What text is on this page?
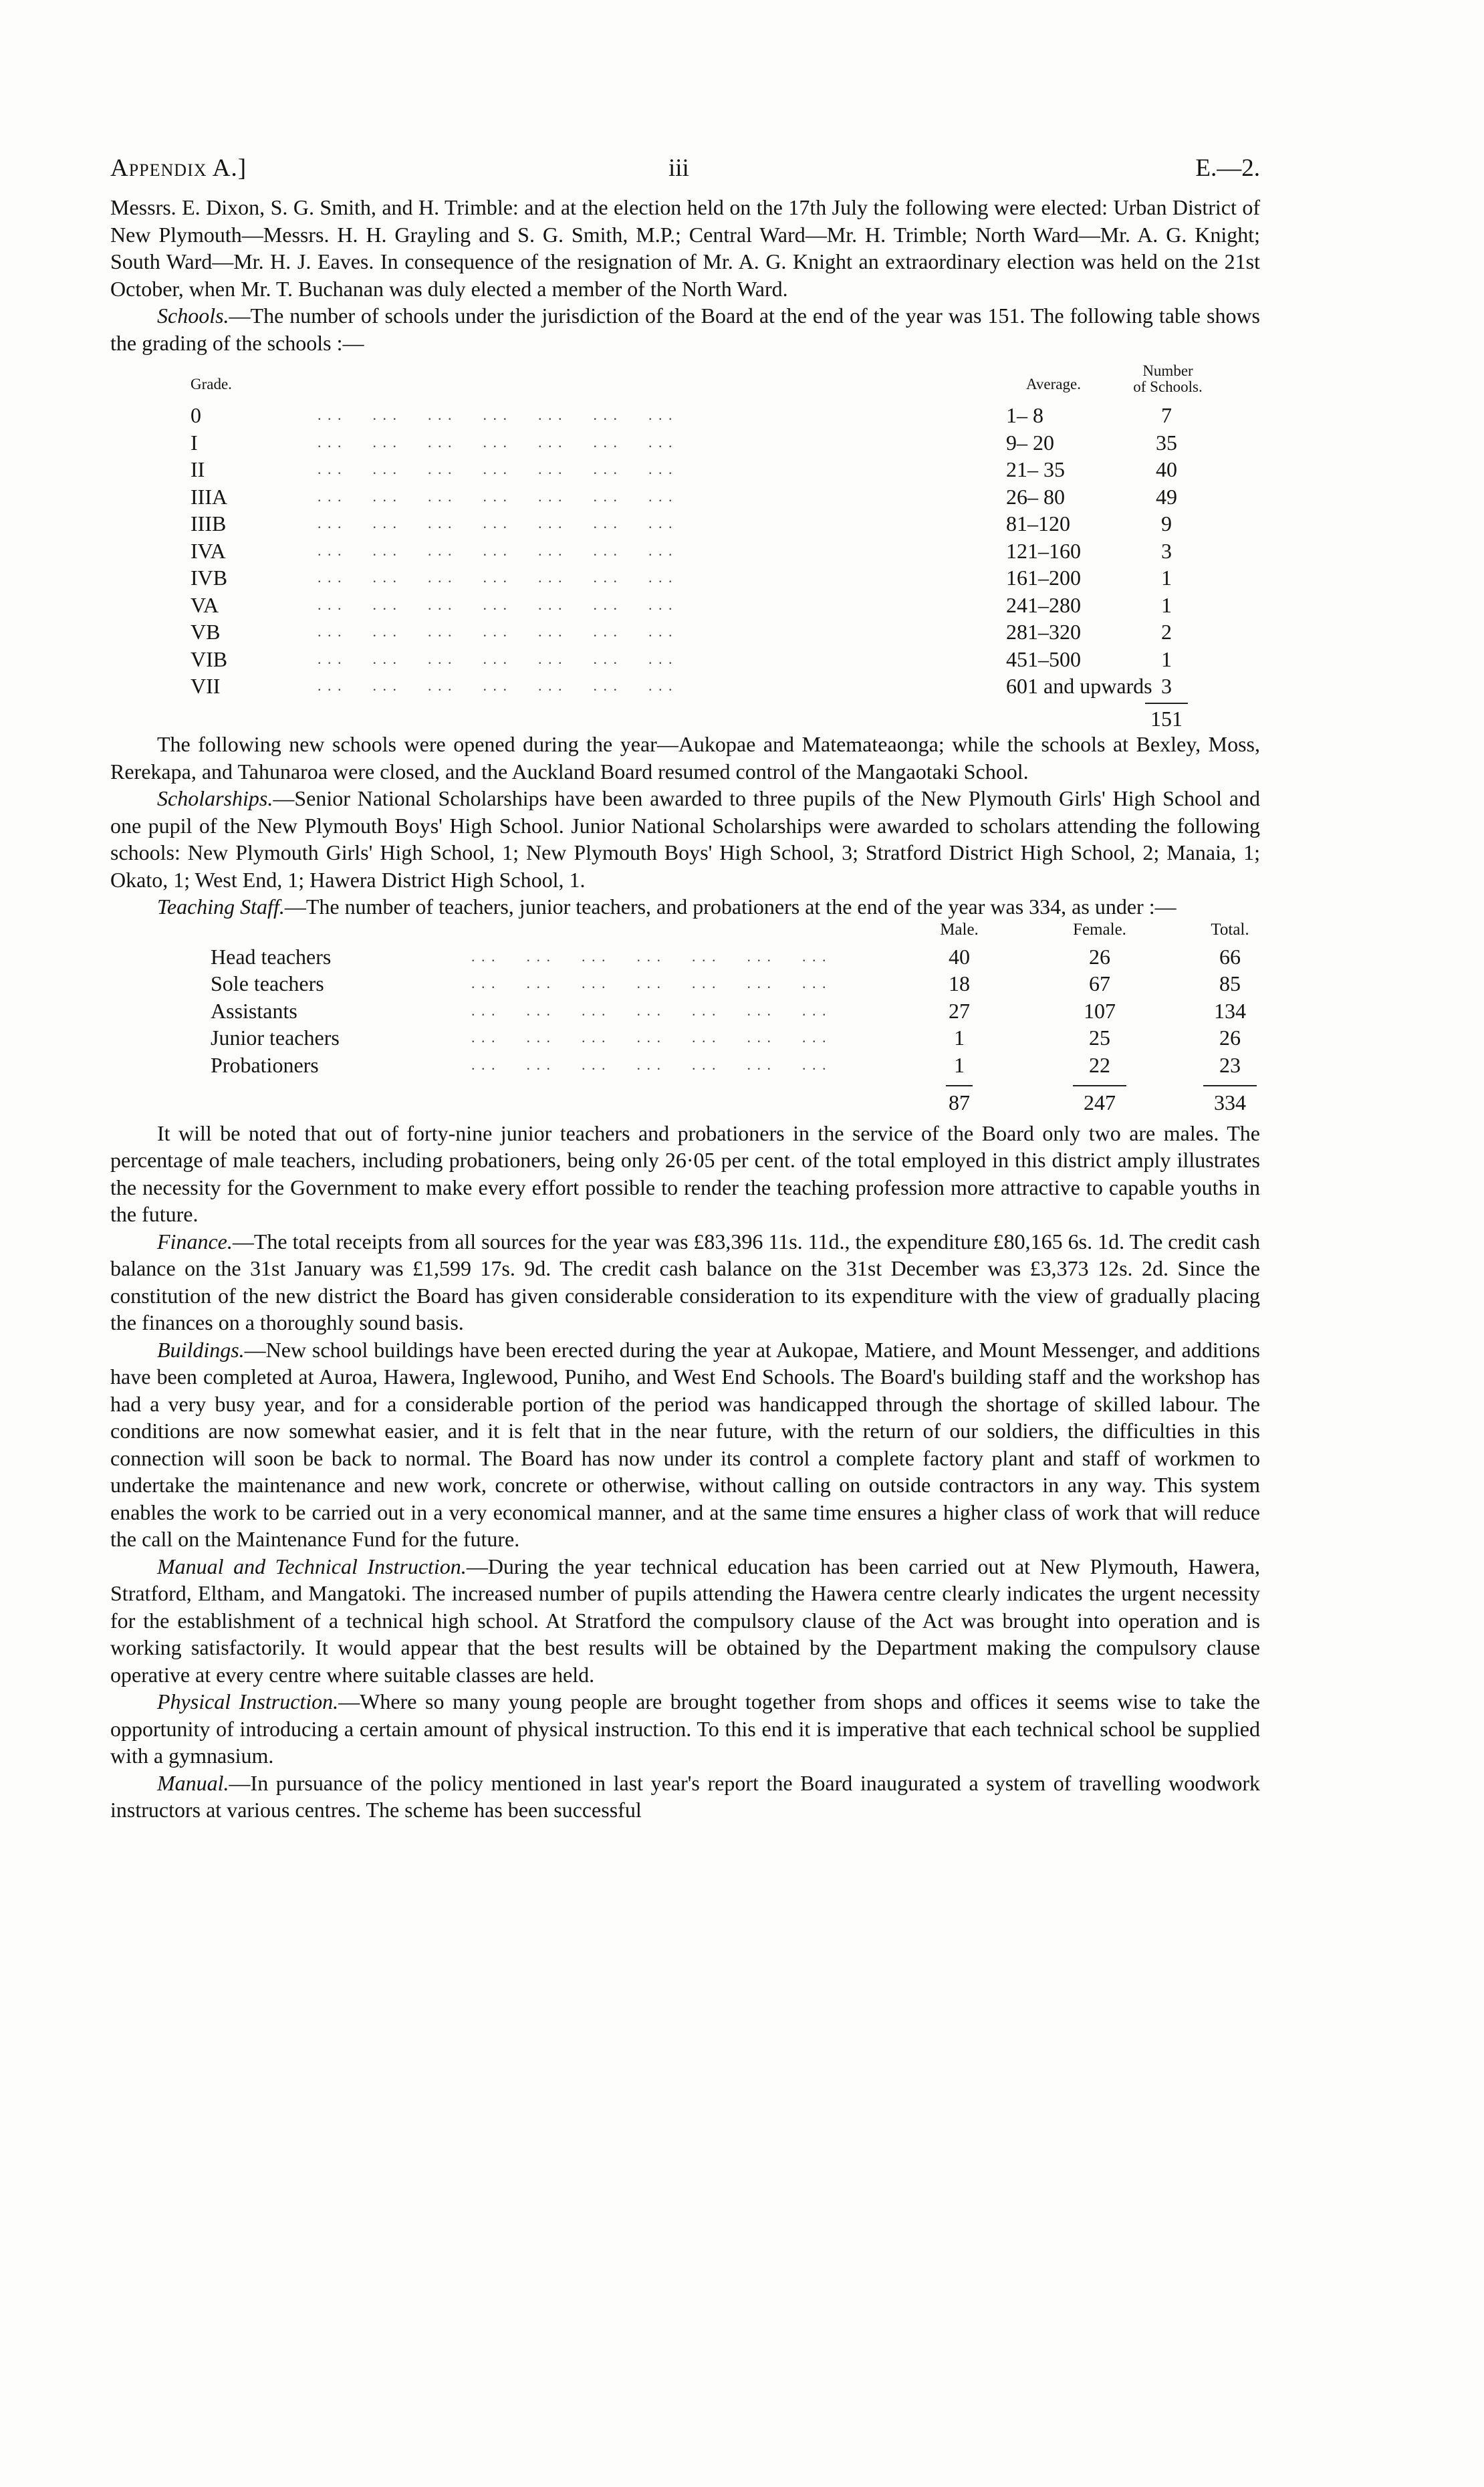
Appendix A.]	iii	E.—2.

Messrs. E. Dixon, S. G. Smith, and H. Trimble: and at the election held on the 17th July the following were elected: Urban District of New Plymouth—Messrs. H. H. Grayling and S. G. Smith, M.P.; Central Ward—Mr. H. Trimble; North Ward—Mr. A. G. Knight; South Ward—Mr. H. J. Eaves. In consequence of the resignation of Mr. A. G. Knight an extraordinary election was held on the 21st October, when Mr. T. Buchanan was duly elected a member of the North Ward.

Schools.—The number of schools under the jurisdiction of the Board at the end of the year was 151. The following table shows the grading of the schools :—

Grade.	Average.
Number
of Schools.
0	. . .      . . .      . . .      . . .      . . .      . . .      . . .	1– 8	7
I	. . .      . . .      . . .      . . .      . . .      . . .      . . .	9– 20	35
II	. . .      . . .      . . .      . . .      . . .      . . .      . . .	21– 35	40
IIIA	. . .      . . .      . . .      . . .      . . .      . . .      . . .	26– 80	49
IIIB	. . .      . . .      . . .      . . .      . . .      . . .      . . .	81–120	9
IVA	. . .      . . .      . . .      . . .      . . .      . . .      . . .	121–160	3
IVB	. . .      . . .      . . .      . . .      . . .      . . .      . . .	161–200	1
VA	. . .      . . .      . . .      . . .      . . .      . . .      . . .	241–280	1
VB	. . .      . . .      . . .      . . .      . . .      . . .      . . .	281–320	2
VIB	. . .      . . .      . . .      . . .      . . .      . . .      . . .	451–500	1
VII	. . .      . . .      . . .      . . .      . . .      . . .      . . .	601 and upwards 3
151

The following new schools were opened during the year—Aukopae and Matemateaonga; while the schools at Bexley, Moss, Rerekapa, and Tahunaroa were closed, and the Auckland Board resumed control of the Mangaotaki School.

Scholarships.—Senior National Scholarships have been awarded to three pupils of the New Plymouth Girls' High School and one pupil of the New Plymouth Boys' High School. Junior National Scholarships were awarded to scholars attending the following schools: New Plymouth Girls' High School, 1; New Plymouth Boys' High School, 3; Stratford District High School, 2; Manaia, 1; Okato, 1; West End, 1; Hawera District High School, 1.

Teaching Staff.—The number of teachers, junior teachers, and probationers at the end of the year was 334, as under :—

Male.	Female.	Total.
Head teachers	. . .      . . .      . . .      . . .      . . .      . . .      . . .	40	26	66
Sole teachers	. . .      . . .      . . .      . . .      . . .      . . .      . . .	18	67	85
Assistants	. . .      . . .      . . .      . . .      . . .      . . .      . . .	27	107	134
Junior teachers	. . .      . . .      . . .      . . .      . . .      . . .      . . .	1	25	26
Probationers	. . .      . . .      . . .      . . .      . . .      . . .      . . .	1	22	23
87	247	334

It will be noted that out of forty-nine junior teachers and probationers in the service of the Board only two are males. The percentage of male teachers, including probationers, being only 26·05 per cent. of the total employed in this district amply illustrates the necessity for the Government to make every effort possible to render the teaching profession more attractive to capable youths in the future.

Finance.—The total receipts from all sources for the year was £83,396 11s. 11d., the expenditure £80,165 6s. 1d. The credit cash balance on the 31st January was £1,599 17s. 9d. The credit cash balance on the 31st December was £3,373 12s. 2d. Since the constitution of the new district the Board has given considerable consideration to its expenditure with the view of gradually placing the finances on a thoroughly sound basis.

Buildings.—New school buildings have been erected during the year at Aukopae, Matiere, and Mount Messenger, and additions have been completed at Auroa, Hawera, Inglewood, Puniho, and West End Schools. The Board's building staff and the workshop has had a very busy year, and for a considerable portion of the period was handicapped through the shortage of skilled labour. The conditions are now somewhat easier, and it is felt that in the near future, with the return of our soldiers, the difficulties in this connection will soon be back to normal. The Board has now under its control a complete factory plant and staff of workmen to undertake the maintenance and new work, concrete or otherwise, without calling on outside contractors in any way. This system enables the work to be carried out in a very economical manner, and at the same time ensures a higher class of work that will reduce the call on the Maintenance Fund for the future.

Manual and Technical Instruction.—During the year technical education has been carried out at New Plymouth, Hawera, Stratford, Eltham, and Mangatoki. The increased number of pupils attending the Hawera centre clearly indicates the urgent necessity for the establishment of a technical high school. At Stratford the compulsory clause of the Act was brought into operation and is working satisfactorily. It would appear that the best results will be obtained by the Department making the compulsory clause operative at every centre where suitable classes are held.

Physical Instruction.—Where so many young people are brought together from shops and offices it seems wise to take the opportunity of introducing a certain amount of physical instruction. To this end it is imperative that each technical school be supplied with a gymnasium.

Manual.—In pursuance of the policy mentioned in last year's report the Board inaugurated a system of travelling woodwork instructors at various centres. The scheme has been successful
